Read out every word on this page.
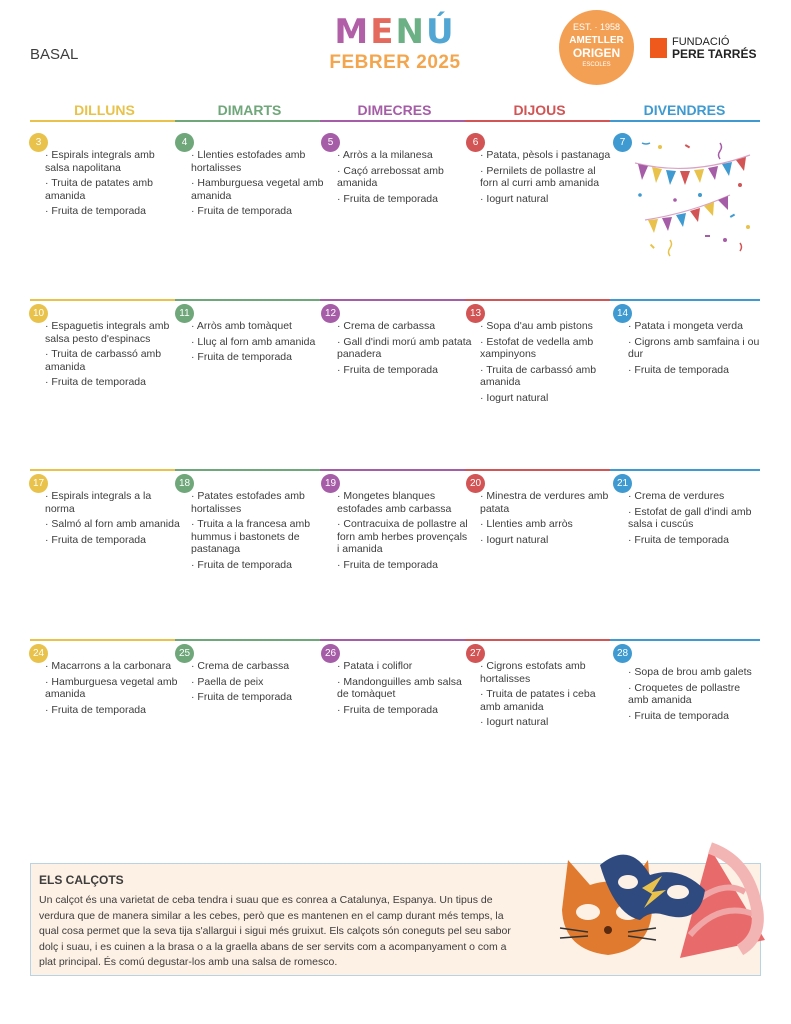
BASAL
MENÚ
FEBRER 2025
EST. · 1958
AMETLLER
ORIGEN
ESCOLES
FUNDACIÓ
PERE TARRÉS
DILLUNS	DIMARTS	DIMECRES	DIJOUS	DIVENDRES
3
· Espirals integrals amb salsa napolitana
· Truita de patates amb amanida
· Fruita de temporada
4
· Llenties estofades amb hortalisses
· Hamburguesa vegetal amb amanida
· Fruita de temporada
5
· Arròs a la milanesa
· Caçó arrebossat amb amanida
· Fruita de temporada
6
· Patata, pèsols i pastanaga
· Pernilets de pollastre al forn al curri amb amanida
· Iogurt natural
7
10
· Espaguetis integrals amb salsa pesto d'espinacs
· Truita de carbassó amb amanida
· Fruita de temporada
11
· Arròs amb tomàquet
· Lluç al forn amb amanida
· Fruita de temporada
12
· Crema de carbassa
· Gall d'indi morú amb patata panadera
· Fruita de temporada
13
· Sopa d'au amb pistons
· Estofat de vedella amb xampinyons
· Truita de carbassó amb amanida
· Iogurt natural
14
· Patata i mongeta verda
· Cigrons amb samfaina i ou dur
· Fruita de temporada
17
· Espirals integrals a la norma
· Salmó al forn amb amanida
· Fruita de temporada
18
· Patates estofades amb hortalisses
· Truita a la francesa amb hummus i bastonets de pastanaga
· Fruita de temporada
19
· Mongetes blanques estofades amb carbassa
· Contracuixa de pollastre al forn amb herbes provençals i amanida
· Fruita de temporada
20
· Minestra de verdures amb patata
· Llenties amb arròs
· Iogurt natural
21
· Crema de verdures
· Estofat de gall d'indi amb salsa i cuscús
· Fruita de temporada
24
· Macarrons a la carbonara
· Hamburguesa vegetal amb amanida
· Fruita de temporada
25
· Crema de carbassa
· Paella de peix
· Fruita de temporada
26
· Patata i coliflor
· Mandonguilles amb salsa de tomàquet
· Fruita de temporada
27
· Cigrons estofats amb hortalisses
· Truita de patates i ceba amb amanida
· Iogurt natural
28
· Sopa de brou amb galets
· Croquetes de pollastre amb amanida
· Fruita de temporada
ELS CALÇOTS
Un calçot és una varietat de ceba tendra i suau que es conrea a Catalunya, Espanya. Un tipus de verdura que de manera similar a les cebes, però que es mantenen en el camp durant més temps, la qual cosa permet que la seva tija s'allargui i sigui més gruixut. Els calçots són coneguts pel seu sabor dolç i suau, i es cuinen a la brasa o a la graella abans de ser servits com a acompanyament o com a plat principal. És comú degustar-los amb una salsa de romesco.
